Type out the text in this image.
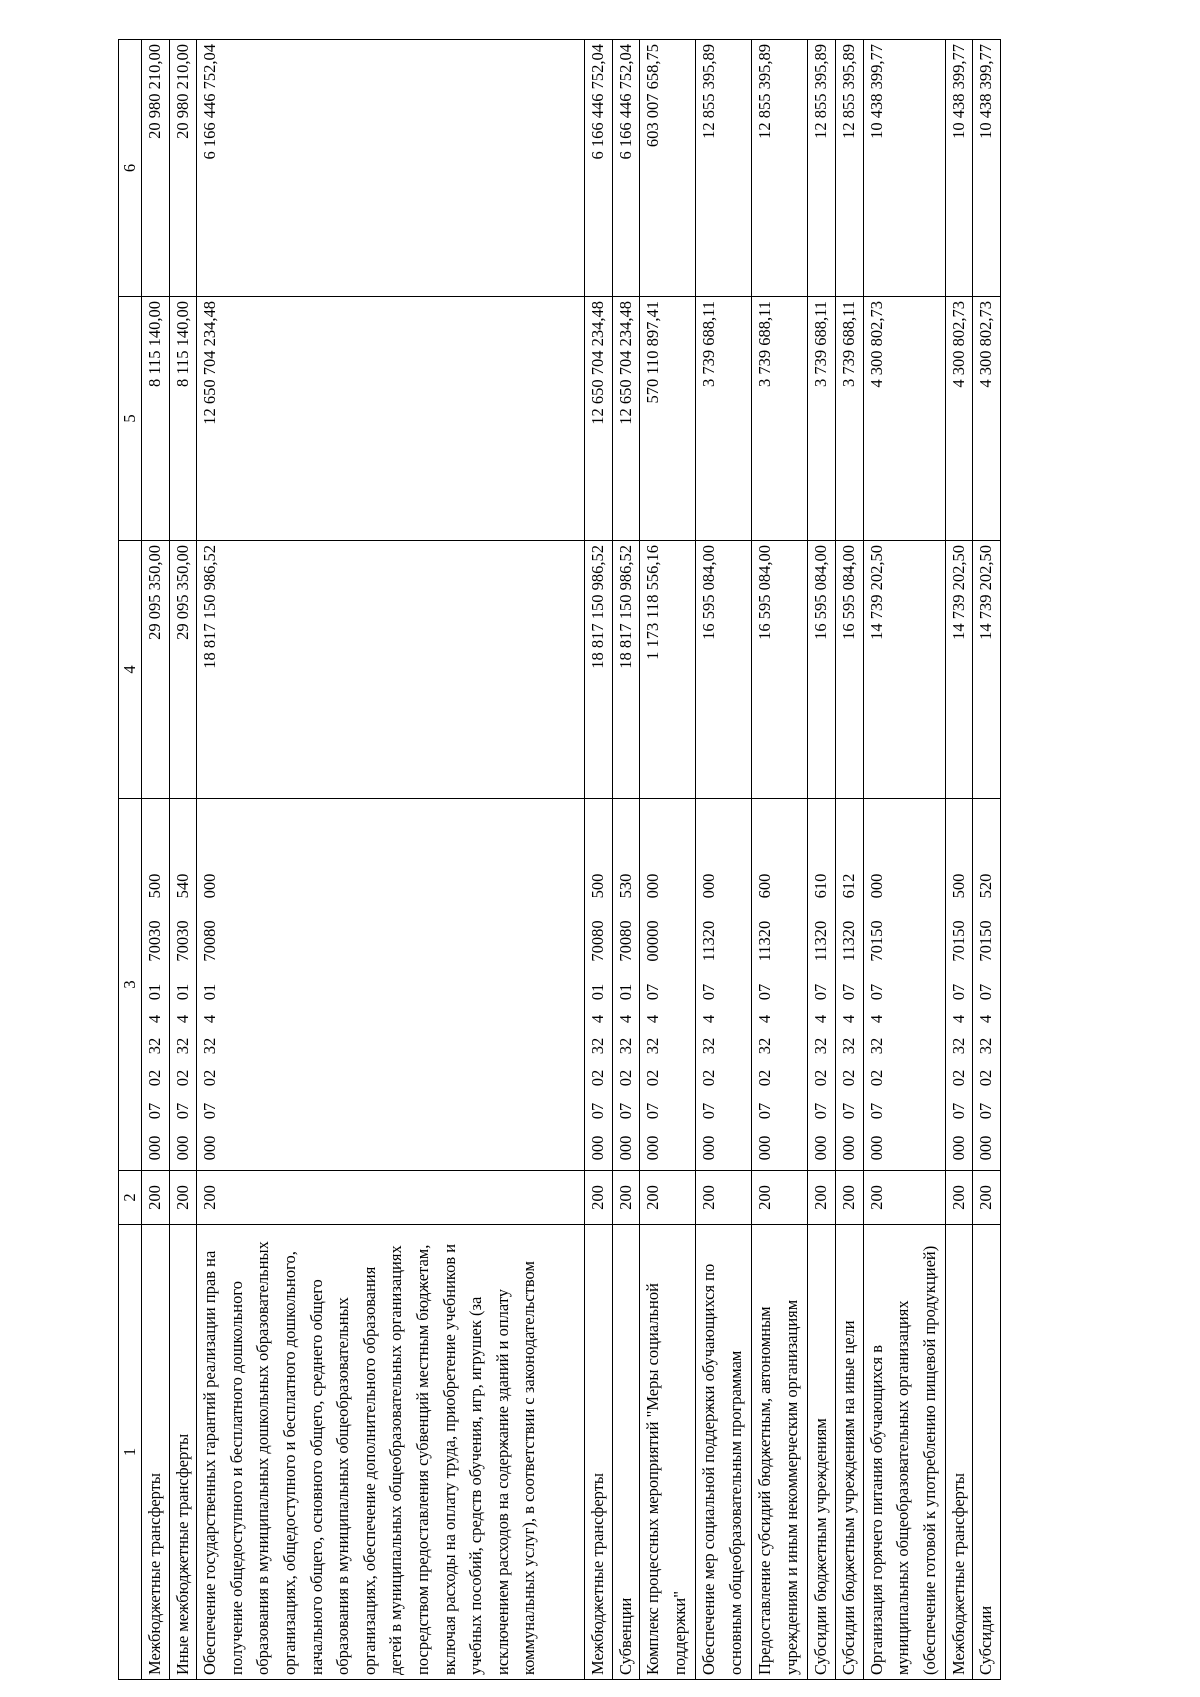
1	2	3	4	5	6
Межбюджетные трансферты	200	00007023240170030500	29 095 350,00	8 115 140,00	20 980 210,00
Иные межбюджетные трансферты	200	00007023240170030540	29 095 350,00	8 115 140,00	20 980 210,00
Обеспечение государственных гарантий реализации прав на получение общедоступного и бесплатного дошкольного образования в муниципальных дошкольных образовательных организациях, общедоступного и бесплатного дошкольного, начального общего, основного общего, среднего общего образования в муниципальных общеобразовательных организациях, обеспечение дополнительного образования детей в муниципальных общеобразовательных организациях посредством предоставления субвенций местным бюджетам, включая расходы на оплату труда, приобретение учебников и учебных пособий, средств обучения, игр, игрушек (за исключением расходов на содержание зданий и оплату коммунальных услуг), в соответствии с законодательством	200	00007023240170080000	18 817 150 986,52	12 650 704 234,48	6 166 446 752,04
Межбюджетные трансферты	200	00007023240170080500	18 817 150 986,52	12 650 704 234,48	6 166 446 752,04
Субвенции	200	00007023240170080530	18 817 150 986,52	12 650 704 234,48	6 166 446 752,04
Комплекс процессных мероприятий "Меры социальной поддержки"	200	00007023240700000000	1 173 118 556,16	570 110 897,41	603 007 658,75
Обеспечение мер социальной поддержки обучающихся по основным общеобразовательным программам	200	00007023240711320000	16 595 084,00	3 739 688,11	12 855 395,89
Предоставление субсидий бюджетным, автономным учреждениям и иным некоммерческим организациям	200	00007023240711320600	16 595 084,00	3 739 688,11	12 855 395,89
Субсидии бюджетным учреждениям	200	00007023240711320610	16 595 084,00	3 739 688,11	12 855 395,89
Субсидии бюджетным учреждениям на иные цели	200	00007023240711320612	16 595 084,00	3 739 688,11	12 855 395,89
Организация горячего питания обучающихся в муниципальных общеобразовательных организациях (обеспечение готовой к употреблению пищевой продукцией)	200	00007023240770150000	14 739 202,50	4 300 802,73	10 438 399,77
Межбюджетные трансферты	200	00007023240770150500	14 739 202,50	4 300 802,73	10 438 399,77
Субсидии	200	00007023240770150520	14 739 202,50	4 300 802,73	10 438 399,77
